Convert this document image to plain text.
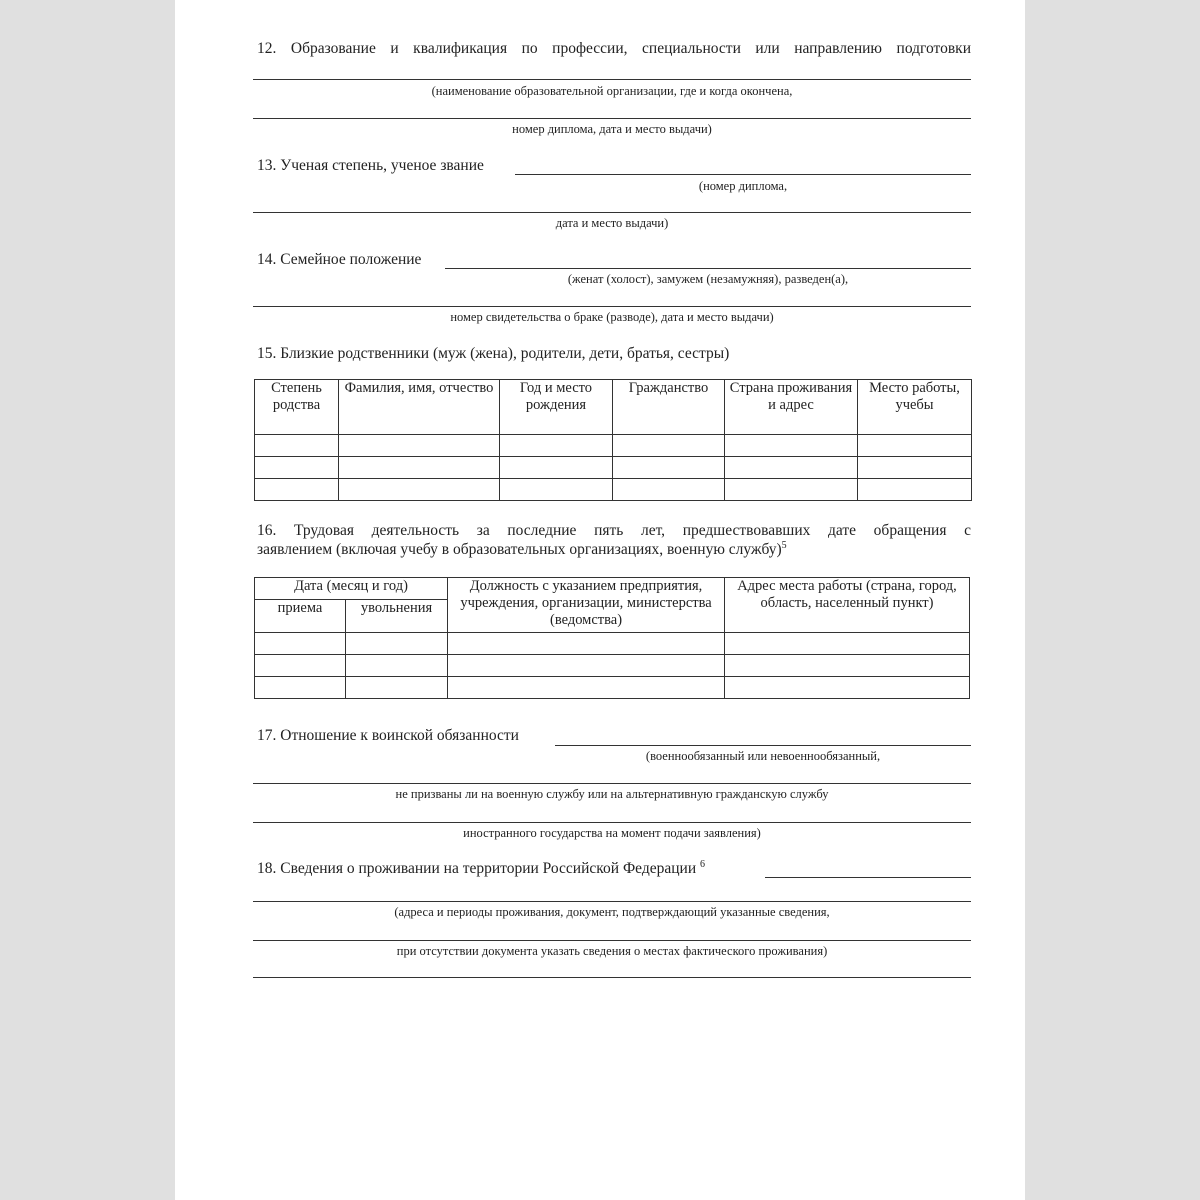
12. Образование и квалификация по профессии, специальности или направлению подготовки
(наименование образовательной организации, где и когда окончена,
номер диплома, дата и место выдачи)
13. Ученая степень, ученое звание
(номер диплома,
дата и место выдачи)
14. Семейное положение
(женат (холост), замужем (незамужняя), разведен(а),
номер свидетельства о браке (разводе), дата и место выдачи)
15. Близкие родственники (муж (жена), родители, дети, братья, сестры)
Степень родства	Фамилия, имя, отчество	Год и место рождения	Гражданство	Страна проживания и адрес	Место работы, учебы

16. Трудовая деятельность за последние пять лет, предшествовавших дате обращения с
заявлением (включая учебу в образовательных организациях, военную службу)$^5$
Дата (месяц и год)		Должность с указанием предприятия, учреждения, организации, министерства (ведомства)	Адрес места работы (страна, город, область, населенный пункт)
приема	увольнения		

17. Отношение к воинской обязанности
(военнообязанный или невоеннообязанный,
не призваны ли на военную службу или на альтернативную гражданскую службу
иностранного государства на момент подачи заявления)
18. Сведения о проживании на территории Российской Федерации $^6$
(адреса и периоды проживания, документ, подтверждающий указанные сведения,
при отсутствии документа указать сведения о местах фактического проживания)
